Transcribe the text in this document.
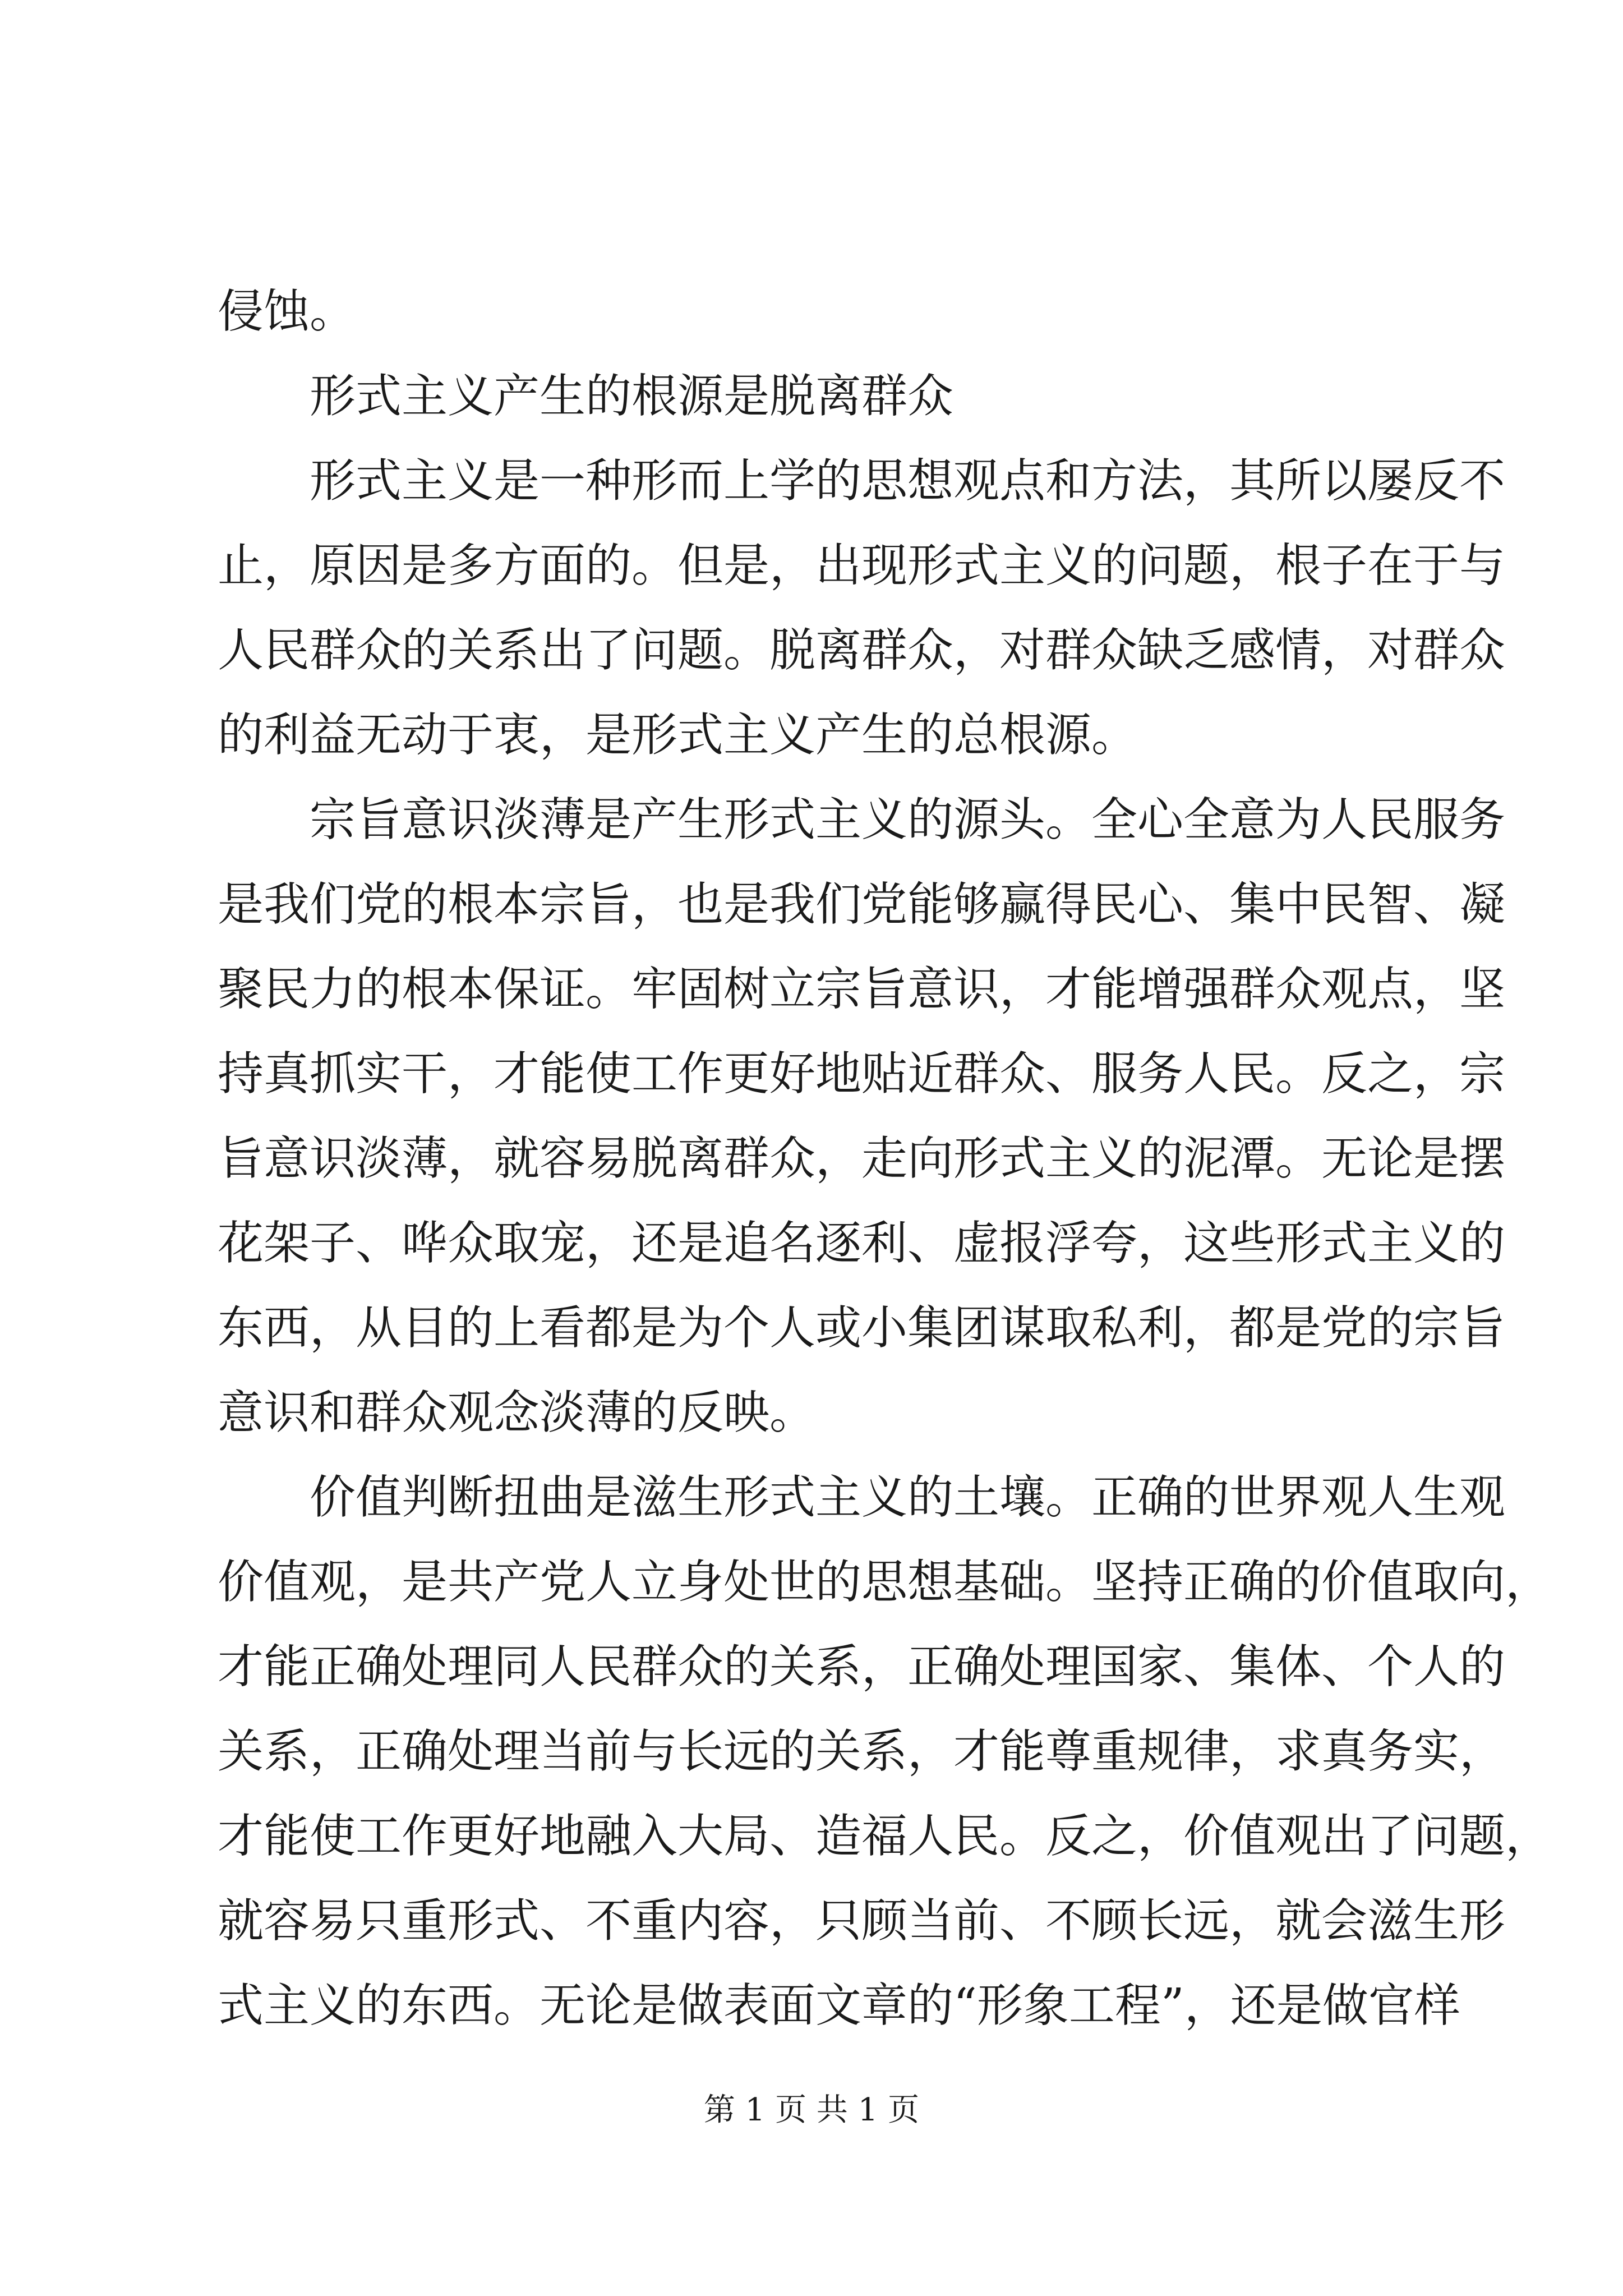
侵蚀。
形式主义产生的根源是脱离群众
形式主义是一种形而上学的思想观点和方法，其所以屡反不
止，原因是多方面的。但是，出现形式主义的问题，根子在于与
人民群众的关系出了问题。脱离群众，对群众缺乏感情，对群众
的利益无动于衷，是形式主义产生的总根源。
宗旨意识淡薄是产生形式主义的源头。全心全意为人民服务
是我们党的根本宗旨，也是我们党能够赢得民心、集中民智、凝
聚民力的根本保证。牢固树立宗旨意识，才能增强群众观点，坚
持真抓实干，才能使工作更好地贴近群众、服务人民。反之，宗
旨意识淡薄，就容易脱离群众，走向形式主义的泥潭。无论是摆
花架子、哗众取宠，还是追名逐利、虚报浮夸，这些形式主义的
东西，从目的上看都是为个人或小集团谋取私利，都是党的宗旨
意识和群众观念淡薄的反映。
价值判断扭曲是滋生形式主义的土壤。正确的世界观人生观
价值观，是共产党人立身处世的思想基础。坚持正确的价值取向，
才能正确处理同人民群众的关系，正确处理国家、集体、个人的
关系，正确处理当前与长远的关系，才能尊重规律，求真务实，
才能使工作更好地融入大局、造福人民。反之，价值观出了问题，
就容易只重形式、不重内容，只顾当前、不顾长远，就会滋生形
式主义的东西。无论是做表面文章的“形象工程”，还是做官样
第 1 页 共 1 页
